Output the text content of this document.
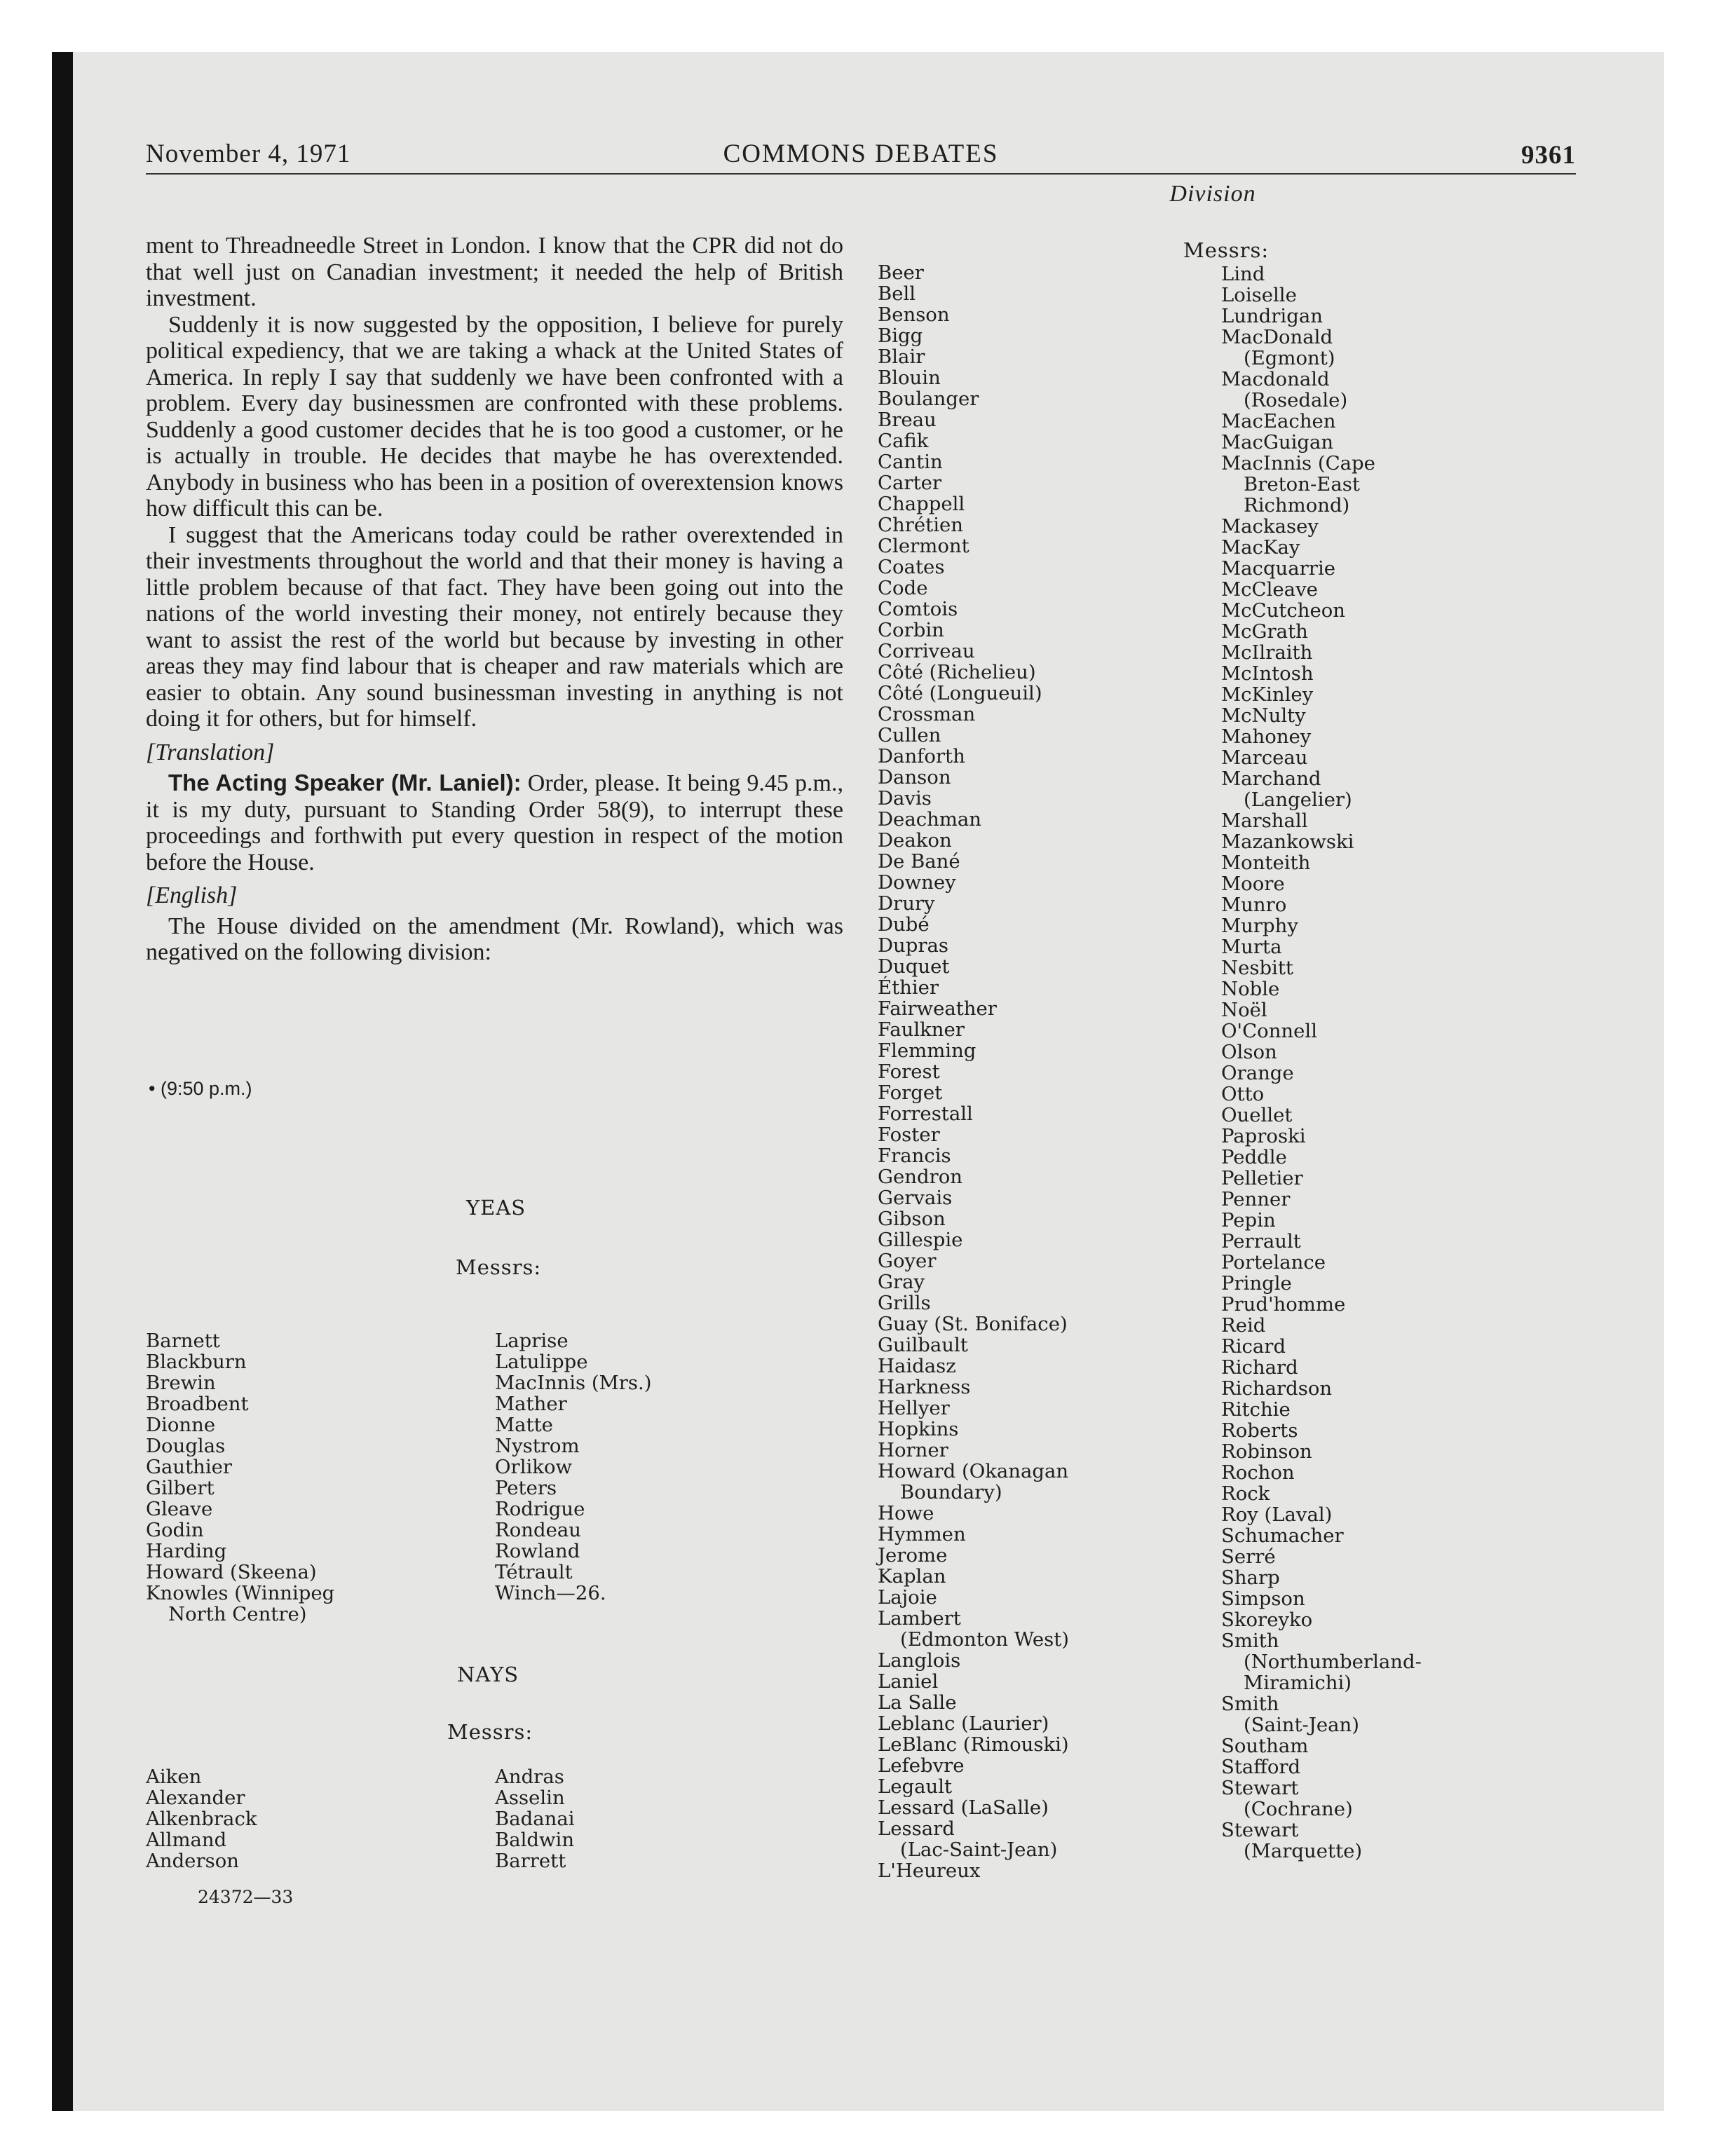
November 4, 1971	COMMONS DEBATES	9361
Division

ment to Threadneedle Street in London. I know that the CPR did not do that well just on Canadian investment; it needed the help of British investment.

Suddenly it is now suggested by the opposition, I believe for purely political expediency, that we are taking a whack at the United States of America. In reply I say that suddenly we have been confronted with a problem. Every day businessmen are confronted with these problems. Suddenly a good customer decides that he is too good a customer, or he is actually in trouble. He decides that maybe he has overextended. Anybody in business who has been in a position of overextension knows how difficult this can be.

I suggest that the Americans today could be rather overextended in their investments throughout the world and that their money is having a little problem because of that fact. They have been going out into the nations of the world investing their money, not entirely because they want to assist the rest of the world but because by investing in other areas they may find labour that is cheaper and raw materials which are easier to obtain. Any sound businessman investing in anything is not doing it for others, but for himself.

[Translation]

The Acting Speaker (Mr. Laniel): Order, please. It being 9.45 p.m., it is my duty, pursuant to Standing Order 58(9), to interrupt these proceedings and forthwith put every question in respect of the motion before the House.

[English]

The House divided on the amendment (Mr. Rowland), which was negatived on the following division:

• (9:50 p.m.)
YEAS
Messrs:
Barnett
Blackburn
Brewin
Broadbent
Dionne
Douglas
Gauthier
Gilbert
Gleave
Godin
Harding
Howard (Skeena)
Knowles (Winnipeg
North Centre)
Laprise
Latulippe
MacInnis (Mrs.)
Mather
Matte
Nystrom
Orlikow
Peters
Rodrigue
Rondeau
Rowland
Tétrault
Winch—26.
NAYS
Messrs:
Aiken
Alexander
Alkenbrack
Allmand
Anderson
Andras
Asselin
Badanai
Baldwin
Barrett
24372—33
Messrs:
Beer
Bell
Benson
Bigg
Blair
Blouin
Boulanger
Breau
Cafik
Cantin
Carter
Chappell
Chrétien
Clermont
Coates
Code
Comtois
Corbin
Corriveau
Côté (Richelieu)
Côté (Longueuil)
Crossman
Cullen
Danforth
Danson
Davis
Deachman
Deakon
De Bané
Downey
Drury
Dubé
Dupras
Duquet
Éthier
Fairweather
Faulkner
Flemming
Forest
Forget
Forrestall
Foster
Francis
Gendron
Gervais
Gibson
Gillespie
Goyer
Gray
Grills
Guay (St. Boniface)
Guilbault
Haidasz
Harkness
Hellyer
Hopkins
Horner
Howard (Okanagan
Boundary)
Howe
Hymmen
Jerome
Kaplan
Lajoie
Lambert
(Edmonton West)
Langlois
Laniel
La Salle
Leblanc (Laurier)
LeBlanc (Rimouski)
Lefebvre
Legault
Lessard (LaSalle)
Lessard
(Lac-Saint-Jean)
L'Heureux
Lind
Loiselle
Lundrigan
MacDonald
(Egmont)
Macdonald
(Rosedale)
MacEachen
MacGuigan
MacInnis (Cape
Breton-East
Richmond)
Mackasey
MacKay
Macquarrie
McCleave
McCutcheon
McGrath
McIlraith
McIntosh
McKinley
McNulty
Mahoney
Marceau
Marchand
(Langelier)
Marshall
Mazankowski
Monteith
Moore
Munro
Murphy
Murta
Nesbitt
Noble
Noël
O'Connell
Olson
Orange
Otto
Ouellet
Paproski
Peddle
Pelletier
Penner
Pepin
Perrault
Portelance
Pringle
Prud'homme
Reid
Ricard
Richard
Richardson
Ritchie
Roberts
Robinson
Rochon
Rock
Roy (Laval)
Schumacher
Serré
Sharp
Simpson
Skoreyko
Smith
(Northumberland-
Miramichi)
Smith
(Saint-Jean)
Southam
Stafford
Stewart
(Cochrane)
Stewart
(Marquette)
